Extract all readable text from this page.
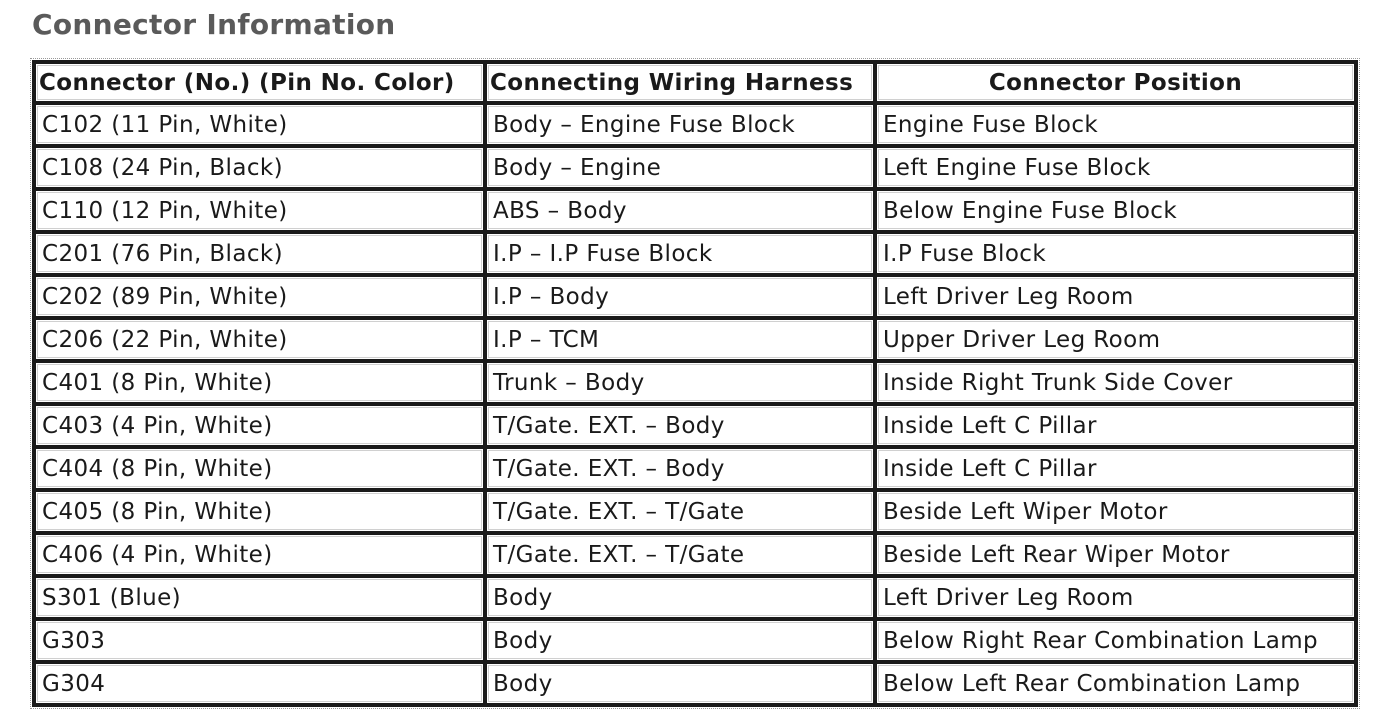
Connector Information
Connector (No.) (Pin No. Color)	Connecting Wiring Harness	Connector Position
C102 (11 Pin, White)	Body – Engine Fuse Block	Engine Fuse Block
C108 (24 Pin, Black)	Body – Engine	Left Engine Fuse Block
C110 (12 Pin, White)	ABS – Body	Below Engine Fuse Block
C201 (76 Pin, Black)	I.P – I.P Fuse Block	I.P Fuse Block
C202 (89 Pin, White)	I.P – Body	Left Driver Leg Room
C206 (22 Pin, White)	I.P – TCM	Upper Driver Leg Room
C401 (8 Pin, White)	Trunk – Body	Inside Right Trunk Side Cover
C403 (4 Pin, White)	T/Gate. EXT. – Body	Inside Left C Pillar
C404 (8 Pin, White)	T/Gate. EXT. – Body	Inside Left C Pillar
C405 (8 Pin, White)	T/Gate. EXT. – T/Gate	Beside Left Wiper Motor
C406 (4 Pin, White)	T/Gate. EXT. – T/Gate	Beside Left Rear Wiper Motor
S301 (Blue)	Body	Left Driver Leg Room
G303	Body	Below Right Rear Combination Lamp
G304	Body	Below Left Rear Combination Lamp
